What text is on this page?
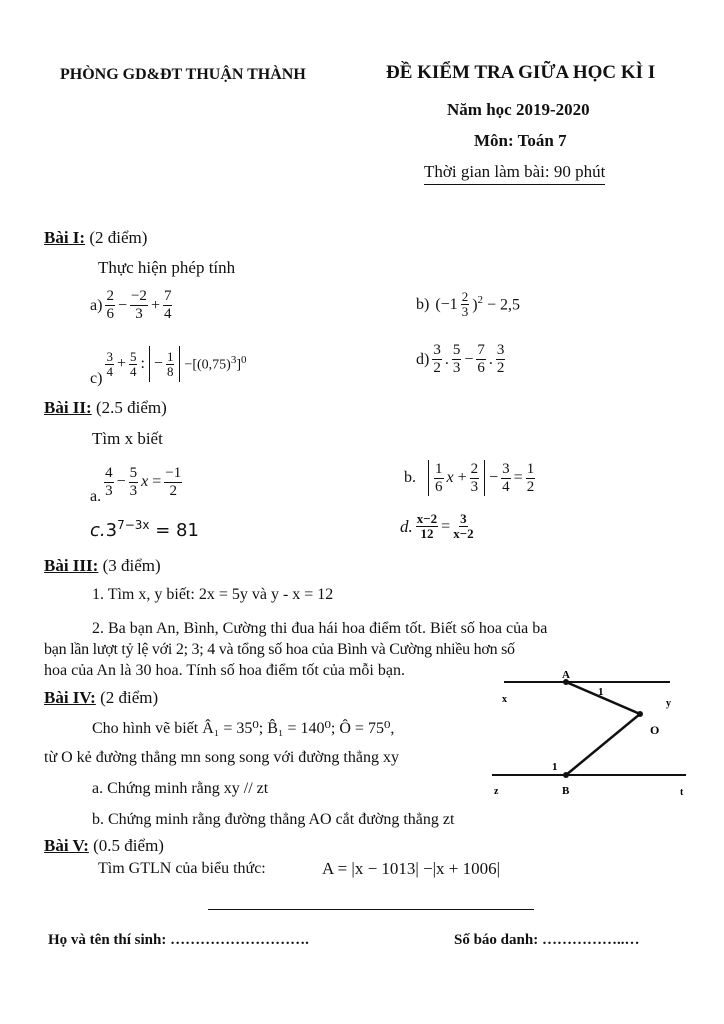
PHÒNG GD&ĐT THUẬN THÀNH	ĐỀ KIỂM TRA GIỮA HỌC KÌ I
Năm học 2019-2020
Môn: Toán 7
Thời gian làm bài: 90 phút
Bài I: (2 điểm)
Thực hiện phép tính
$a) \frac{2}{6} - \frac{-2}{3} + \frac{7}{4}$	b) $(-1 \frac{2}{3} )^2 - 2,5$
$c) \frac{3}{4} + \frac{5}{4}$ : − $\frac{1}{8} -[(0,75)^3]^0$	$d) \frac{3}{2}$ . $\frac{5}{3} - \frac{7}{6}$ . $\frac{3}{2}$
Bài II: (2.5 điểm)
Tìm x biết
a. $\frac{4}{3} - \frac{5}{3}$ $x = \frac{-1}{2}$	b. $\frac{1}{6}$ $x + \frac{2}{3} - \frac{3}{4} = \frac{1}{2}$
$c.3^{7-3x} = 81$	d. $\frac{x-2}{12} = \frac{3}{x-2}$
Bài III: (3 điểm)
1. Tìm x, y biết: 2x = 5y và y - x = 12
2. Ba bạn An, Bình, Cường thi đua hái hoa điểm tốt. Biết số hoa của ba
bạn lần lượt tỷ lệ với 2; 3; 4 và tổng số hoa của Bình và Cường nhiều hơn số
hoa của An là 30 hoa. Tính số hoa điểm tốt của mỗi bạn.
Bài IV: (2 điểm)
Cho hình vẽ biết Â₁ = 35⁰; B̂₁ = 140⁰; Ô = 75⁰,
từ O kẻ đường thẳng mn song song với đường thẳng xy
a. Chứng minh rằng xy // zt
b. Chứng minh rằng đường thẳng AO cắt đường thẳng zt
A
O
B
x	y
z	t
1
1
Bài V: (0.5 điểm)
Tìm GTLN của biểu thức:	A = |x − 1013| −|x + 1006|
Họ và tên thí sinh: ……………………….	Số báo danh: ……………..…
